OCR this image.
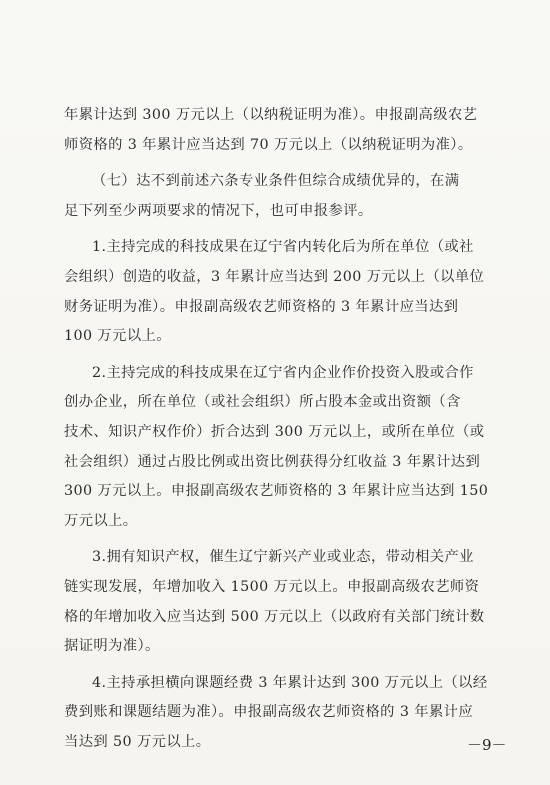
年累计达到 300 万元以上（以纳税证明为准）。申报副高级农艺
师资格的 3 年累计应当达到 70 万元以上（以纳税证明为准）。
（七）达不到前述六条专业条件但综合成绩优异的，在满
足下列至少两项要求的情况下，也可申报参评。
1.主持完成的科技成果在辽宁省内转化后为所在单位（或社
会组织）创造的收益，3 年累计应当达到 200 万元以上（以单位
财务证明为准）。申报副高级农艺师资格的 3 年累计应当达到
100 万元以上。
2.主持完成的科技成果在辽宁省内企业作价投资入股或合作
创办企业，所在单位（或社会组织）所占股本金或出资额（含
技术、知识产权作价）折合达到 300 万元以上，或所在单位（或
社会组织）通过占股比例或出资比例获得分红收益 3 年累计达到
300 万元以上。申报副高级农艺师资格的 3 年累计应当达到 150
万元以上。
3.拥有知识产权，催生辽宁新兴产业或业态，带动相关产业
链实现发展，年增加收入 1500 万元以上。申报副高级农艺师资
格的年增加收入应当达到 500 万元以上（以政府有关部门统计数
据证明为准）。
4.主持承担横向课题经费 3 年累计达到 300 万元以上（以经
费到账和课题结题为准）。申报副高级农艺师资格的 3 年累计应
当达到 50 万元以上。	－9－
